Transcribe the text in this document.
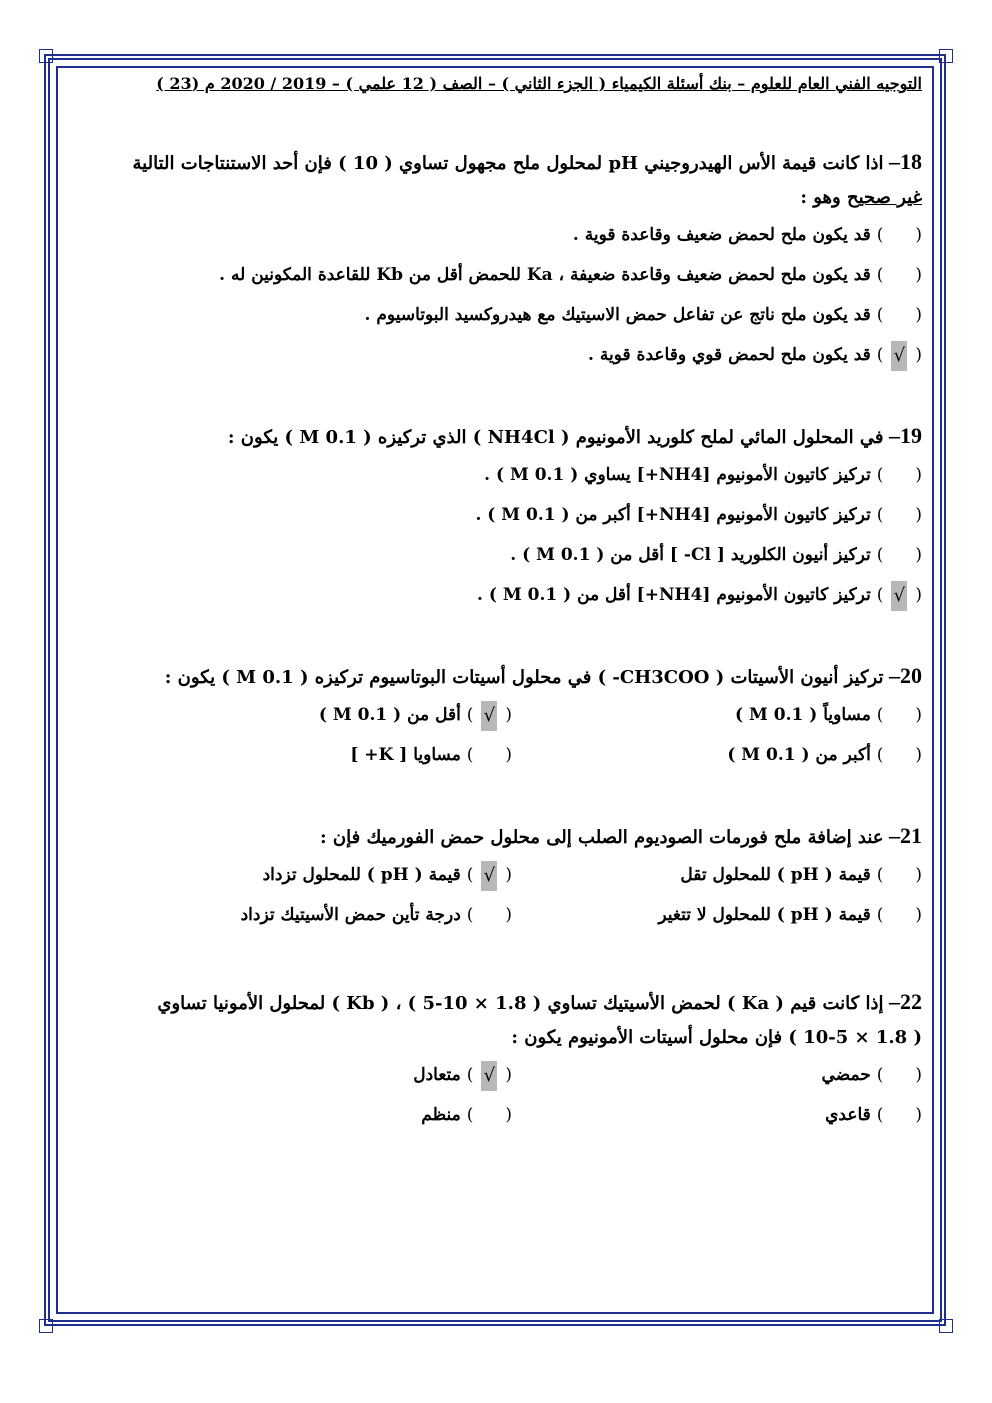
التوجيه الفني العام للعلوم – بنك أسئلة الكيمياء ( الجزء الثاني ) – الصف ( 12 علمي ) – 2019 / 2020 م (23 )
18– اذا كانت قيمة الأس الهيدروجيني pH لمحلول ملح مجهول تساوي ( 10 ) فإن أحد الاستنتاجات التالية
غير صحيح وهو :
( ) قد يكون ملح لحمض ضعيف وقاعدة قوية .
( ) قد يكون ملح لحمض ضعيف وقاعدة ضعيفة ، Ka للحمض أقل من Kb للقاعدة المكونين له .
( ) قد يكون ملح ناتج عن تفاعل حمض الاسيتيك مع هيدروكسيد البوتاسيوم .
(√) قد يكون ملح لحمض قوي وقاعدة قوية .
19– في المحلول المائي لملح كلوريد الأمونيوم ( NH4Cl ) الذي تركيزه ( 0.1 M ) يكون :
( ) تركيز كاتيون الأمونيوم [NH4+] يساوي ( 0.1 M ) .
( ) تركيز كاتيون الأمونيوم [NH4+] أكبر من ( 0.1 M ) .
( ) تركيز أنيون الكلوريد [ Cl- ] أقل من ( 0.1 M ) .
(√) تركيز كاتيون الأمونيوم [NH4+] أقل من ( 0.1 M ) .
20– تركيز أنيون الأسيتات ( CH3COO- ) في محلول أسيتات البوتاسيوم تركيزه ( 0.1 M ) يكون :
( ) مساوياً ( 0.1 M )
(√) أقل من ( 0.1 M )
( ) أكبر من ( 0.1 M )
( ) مساويا [ K+ ]
21– عند إضافة ملح فورمات الصوديوم الصلب إلى محلول حمض الفورميك فإن :
( ) قيمة ( pH ) للمحلول تقل
(√) قيمة ( pH ) للمحلول تزداد
( ) قيمة ( pH ) للمحلول لا تتغير
( ) درجة تأين حمض الأسيتيك تزداد
22– إذا كانت قيم ( Ka ) لحمض الأسيتيك تساوي ( 1.8 × 10-5 ) ، ( Kb ) لمحلول الأمونيا تساوي
( 1.8 × 10-5 ) فإن محلول أسيتات الأمونيوم يكون :
( ) حمضي
(√) متعادل
( ) قاعدي
( ) منظم
